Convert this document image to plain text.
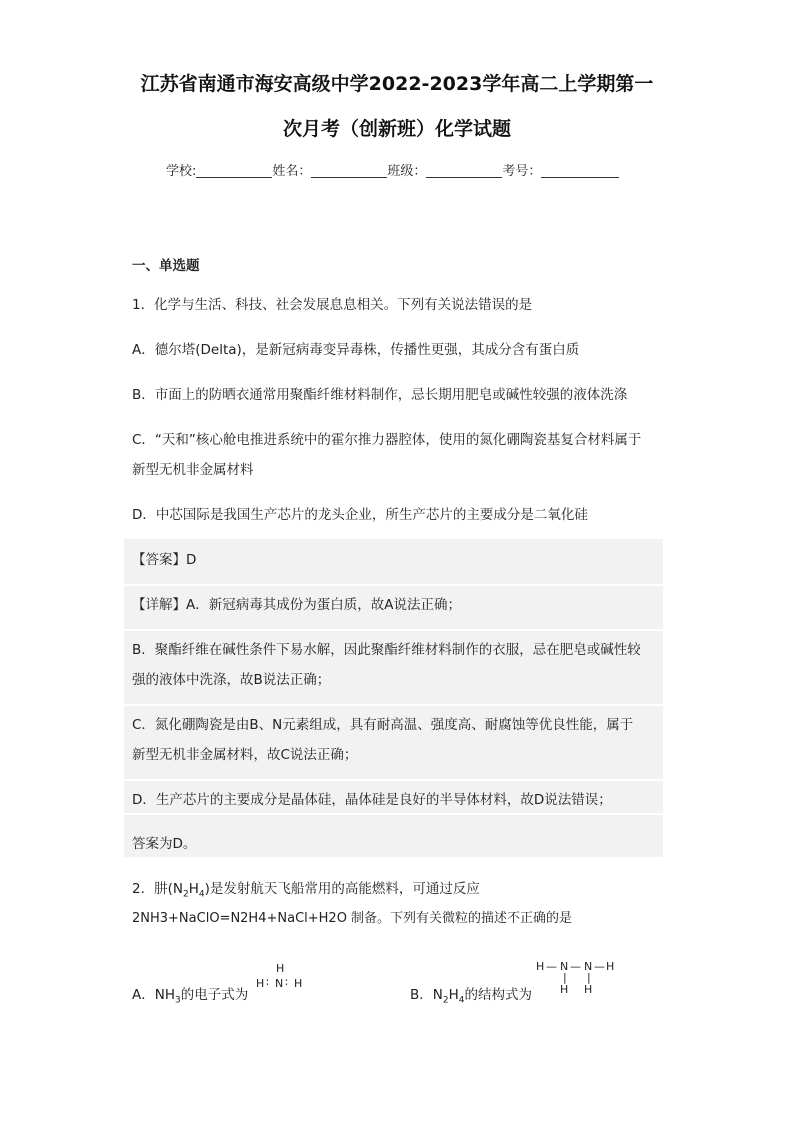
江苏省南通市海安高级中学2022-2023学年高二上学期第一
次月考（创新班）化学试题
学校:	姓名：	班级：	考号：
一、单选题
1．化学与生活、科技、社会发展息息相关。下列有关说法错误的是
A．德尔塔(Delta)，是新冠病毒变异毒株，传播性更强，其成分含有蛋白质
B．市面上的防晒衣通常用聚酯纤维材料制作，忌长期用肥皂或碱性较强的液体洗涤
C．“天和”核心舱电推进系统中的霍尔推力器腔体，使用的氮化硼陶瓷基复合材料属于
新型无机非金属材料
D．中芯国际是我国生产芯片的龙头企业，所生产芯片的主要成分是二氧化硅
【答案】D
【详解】A．新冠病毒其成份为蛋白质，故A说法正确；
B．聚酯纤维在碱性条件下易水解，因此聚酯纤维材料制作的衣服，忌在肥皂或碱性较
强的液体中洗涤，故B说法正确；
C．氮化硼陶瓷是由B、N元素组成，具有耐高温、强度高、耐腐蚀等优良性能，属于
新型无机非金属材料，故C说法正确；
D．生产芯片的主要成分是晶体硅，晶体硅是良好的半导体材料，故D说法错误；
答案为D。
2．肼$(N_2H_4)$是发射航天飞船常用的高能燃料，可通过反应
2NH3+NaClO=N2H4+NaCl+H2O 制备。下列有关微粒的描述不正确的是
A．$NH_3$的电子式为
H
H ∶ N ∶ H
B．$N_2H_4$的结构式为
H — N — N — H
| |
H H
